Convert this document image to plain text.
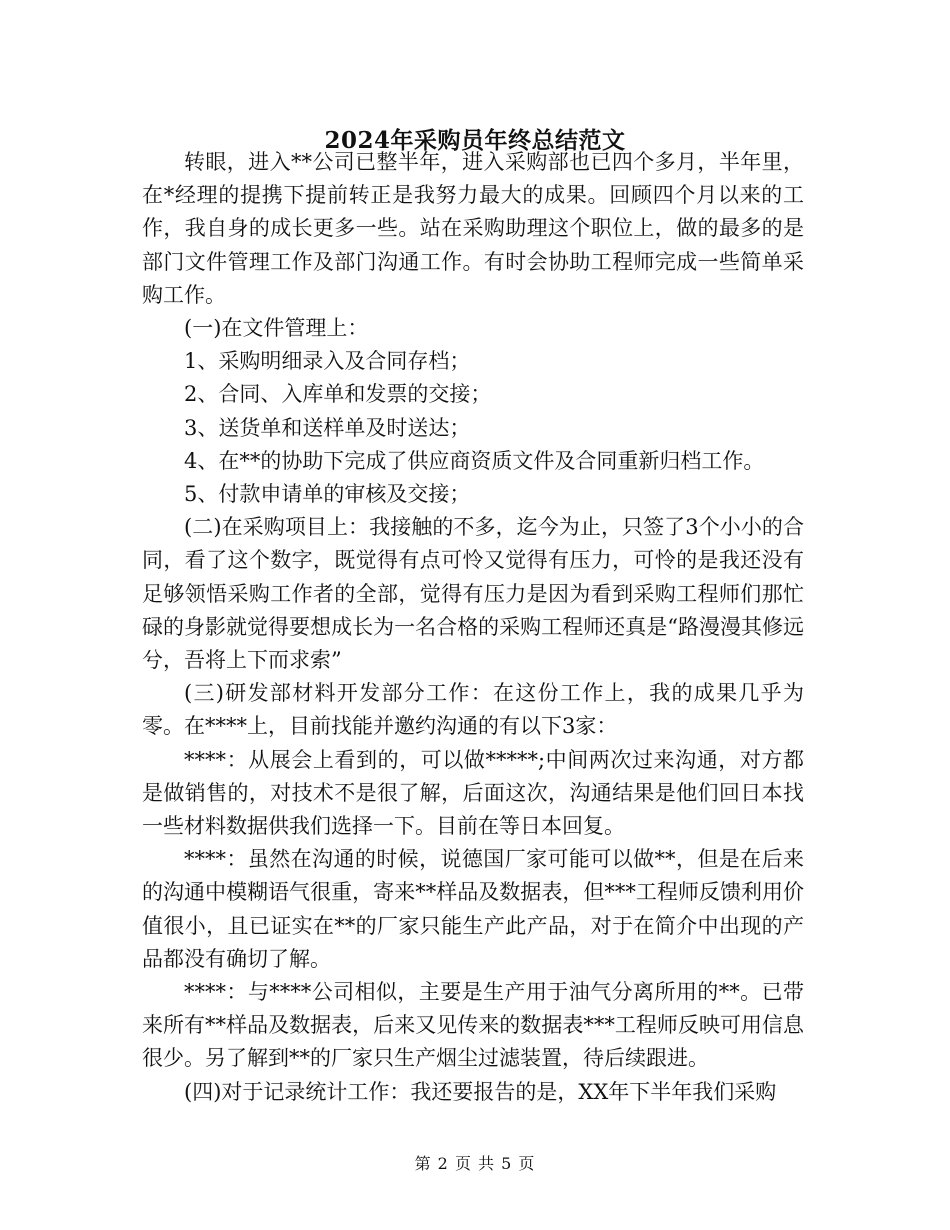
2024年采购员年终总结范文

转眼，进入**公司已整半年，进入采购部也已四个多月，半年里，在*经理的提携下提前转正是我努力最大的成果。回顾四个月以来的工作，我自身的成长更多一些。站在采购助理这个职位上，做的最多的是部门文件管理工作及部门沟通工作。有时会协助工程师完成一些简单采购工作。

(一)在文件管理上：

1、采购明细录入及合同存档；

2、合同、入库单和发票的交接；

3、送货单和送样单及时送达；

4、在**的协助下完成了供应商资质文件及合同重新归档工作。

5、付款申请单的审核及交接；

(二)在采购项目上：我接触的不多，迄今为止，只签了3个小小的合同，看了这个数字，既觉得有点可怜又觉得有压力，可怜的是我还没有足够领悟采购工作者的全部，觉得有压力是因为看到采购工程师们那忙碌的身影就觉得要想成长为一名合格的采购工程师还真是“路漫漫其修远兮，吾将上下而求索”

(三)研发部材料开发部分工作：在这份工作上，我的成果几乎为零。在****上，目前找能并邀约沟通的有以下3家：

****：从展会上看到的，可以做*****;中间两次过来沟通，对方都是做销售的，对技术不是很了解，后面这次，沟通结果是他们回日本找一些材料数据供我们选择一下。目前在等日本回复。

****：虽然在沟通的时候，说德国厂家可能可以做**，但是在后来的沟通中模糊语气很重，寄来**样品及数据表，但***工程师反馈利用价值很小，且已证实在**的厂家只能生产此产品，对于在简介中出现的产品都没有确切了解。

****：与****公司相似，主要是生产用于油气分离所用的**。已带来所有**样品及数据表，后来又见传来的数据表***工程师反映可用信息很少。另了解到**的厂家只生产烟尘过滤装置，待后续跟进。

(四)对于记录统计工作：我还要报告的是，XX年下半年我们采购

第 2 页 共 5 页
